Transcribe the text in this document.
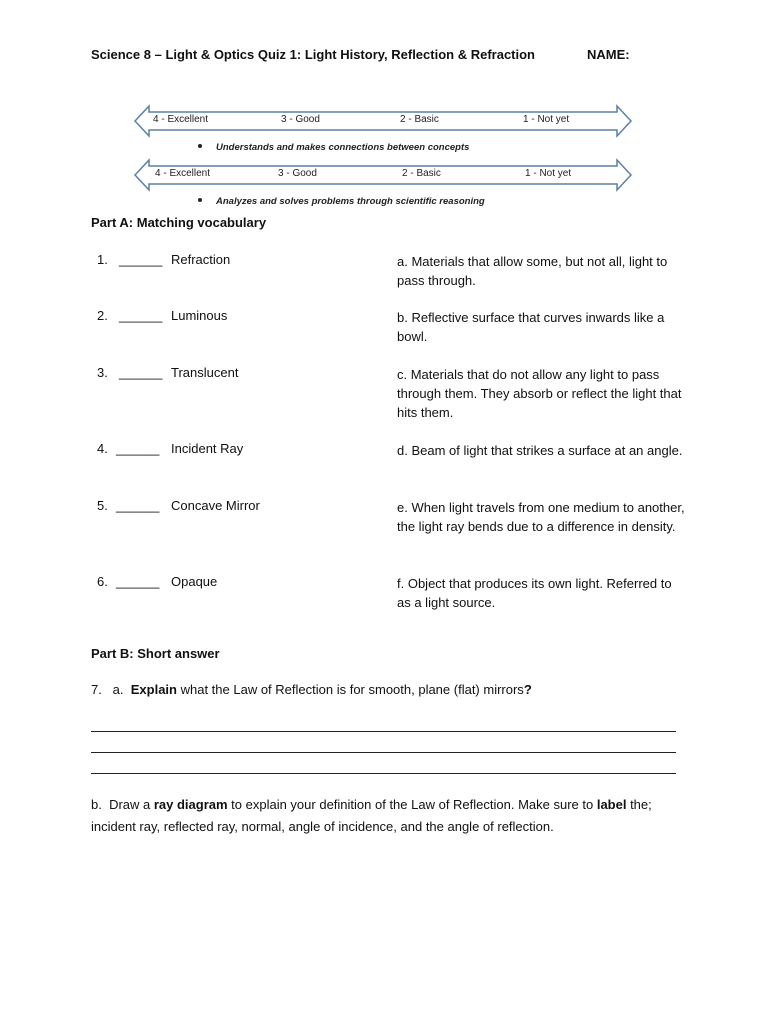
Science 8 – Light & Optics Quiz 1: Light History, Reflection & Refraction	NAME:
4 - Excellent	3 - Good	2 - Basic	1 - Not yet
Understands and makes connections between concepts
4 - Excellent	3 - Good	2 - Basic	1 - Not yet
Analyzes and solves problems through scientific reasoning
Part A: Matching vocabulary
1. ______ Refraction	a. Materials that allow some, but not all, light to pass through.
2. ______ Luminous	b. Reflective surface that curves inwards like a bowl.
3. ______ Translucent	c. Materials that do not allow any light to pass through them. They absorb or reflect the light that hits them.
4. ______ Incident Ray	d. Beam of light that strikes a surface at an angle.
5. ______ Concave Mirror	e. When light travels from one medium to another, the light ray bends due to a difference in density.
6. ______ Opaque	f. Object that produces its own light. Referred to as a light source.
Part B: Short answer
7.   a.  Explain what the Law of Reflection is for smooth, plane (flat) mirrors?
b.  Draw a ray diagram to explain your definition of the Law of Reflection. Make sure to label the; incident ray, reflected ray, normal, angle of incidence, and the angle of reflection.
